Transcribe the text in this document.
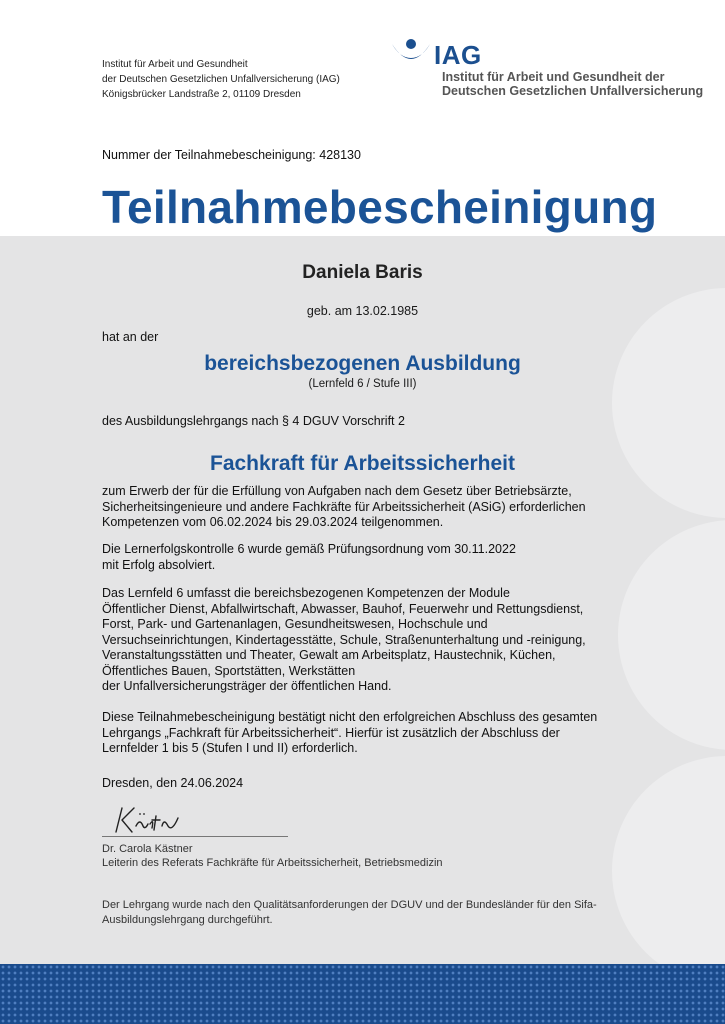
Institut für Arbeit und Gesundheit
der Deutschen Gesetzlichen Unfallversicherung (IAG)
Königsbrücker Landstraße 2, 01109 Dresden
IAG
Institut für Arbeit und Gesundheit der
Deutschen Gesetzlichen Unfallversicherung
Nummer der Teilnahmebescheinigung: 428130
Teilnahmebescheinigung
Daniela Baris
geb. am 13.02.1985
hat an der
bereichsbezogenen Ausbildung
(Lernfeld 6 / Stufe III)
des Ausbildungslehrgangs nach § 4 DGUV Vorschrift 2
Fachkraft für Arbeitssicherheit
zum Erwerb der für die Erfüllung von Aufgaben nach dem Gesetz über Betriebsärzte,
Sicherheitsingenieure und andere Fachkräfte für Arbeitssicherheit (ASiG) erforderlichen
Kompetenzen vom 06.02.2024 bis 29.03.2024 teilgenommen.
Die Lernerfolgskontrolle 6 wurde gemäß Prüfungsordnung vom 30.11.2022
mit Erfolg absolviert.
Das Lernfeld 6 umfasst die bereichsbezogenen Kompetenzen der Module
Öffentlicher Dienst, Abfallwirtschaft, Abwasser, Bauhof, Feuerwehr und Rettungsdienst,
Forst, Park- und Gartenanlagen, Gesundheitswesen, Hochschule und
Versuchseinrichtungen, Kindertagesstätte, Schule, Straßenunterhaltung und -reinigung,
Veranstaltungsstätten und Theater, Gewalt am Arbeitsplatz, Haustechnik, Küchen,
Öffentliches Bauen, Sportstätten, Werkstätten
der Unfallversicherungsträger der öffentlichen Hand.
Diese Teilnahmebescheinigung bestätigt nicht den erfolgreichen Abschluss des gesamten
Lehrgangs „Fachkraft für Arbeitssicherheit“. Hierfür ist zusätzlich der Abschluss der
Lernfelder 1 bis 5 (Stufen I und II) erforderlich.
Dresden, den 24.06.2024
Dr. Carola Kästner
Leiterin des Referats Fachkräfte für Arbeitssicherheit, Betriebsmedizin
Der Lehrgang wurde nach den Qualitätsanforderungen der DGUV und der Bundesländer für den Sifa-
Ausbildungslehrgang durchgeführt.
